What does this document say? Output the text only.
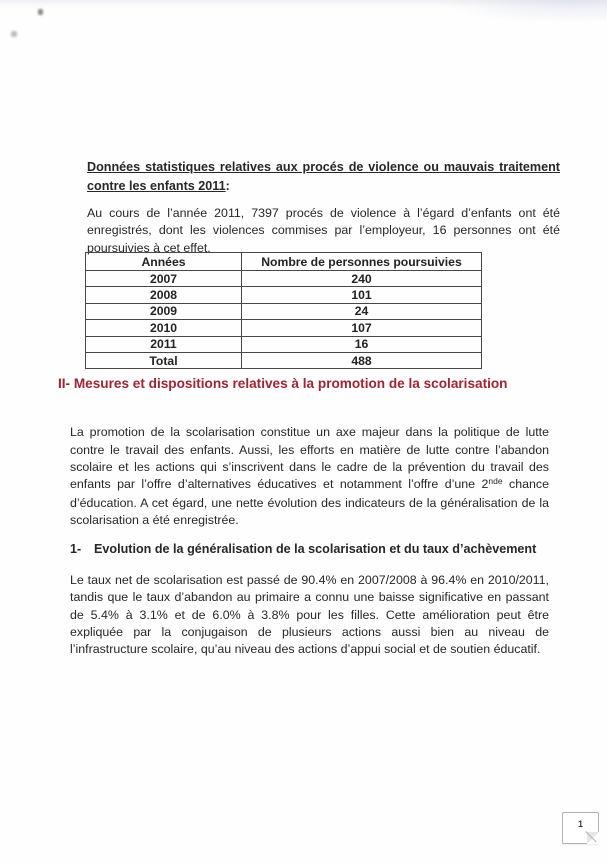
Données statistiques relatives aux procés de violence ou mauvais traitement contre les enfants 2011:

Au cours de l’année 2011, 7397 procés de violence à l’égard d’enfants ont été enregistrés, dont les violences commises par l’employeur, 16 personnes ont été poursuivies à cet effet.

Années	Nombre de personnes poursuivies
2007	240
2008	101
2009	24
2010	107
2011	16
Total	488
II- Mesures et dispositions relatives à la promotion de la scolarisation

La promotion de la scolarisation constitue un axe majeur dans la politique de lutte contre le travail des enfants. Aussi, les efforts en matière de lutte contre l’abandon scolaire et les actions qui s’inscrivent dans le cadre de la prévention du travail des enfants par l’offre d’alternatives éducatives et notamment l’offre d’une 2nde chance d’éducation. A cet égard, une nette évolution des indicateurs de la généralisation de la scolarisation a été enregistrée.

1-	Evolution de la généralisation de la scolarisation et du taux d’achèvement

Le taux net de scolarisation est passé de 90.4% en 2007/2008 à 96.4% en 2010/2011, tandis que le taux d’abandon au primaire a connu une baisse significative en passant de 5.4% à 3.1% et de 6.0% à 3.8% pour les filles. Cette amélioration peut être expliquée par la conjugaison de plusieurs actions aussi bien au niveau de l’infrastructure scolaire, qu’au niveau des actions d’appui social et de soutien éducatif.

1
